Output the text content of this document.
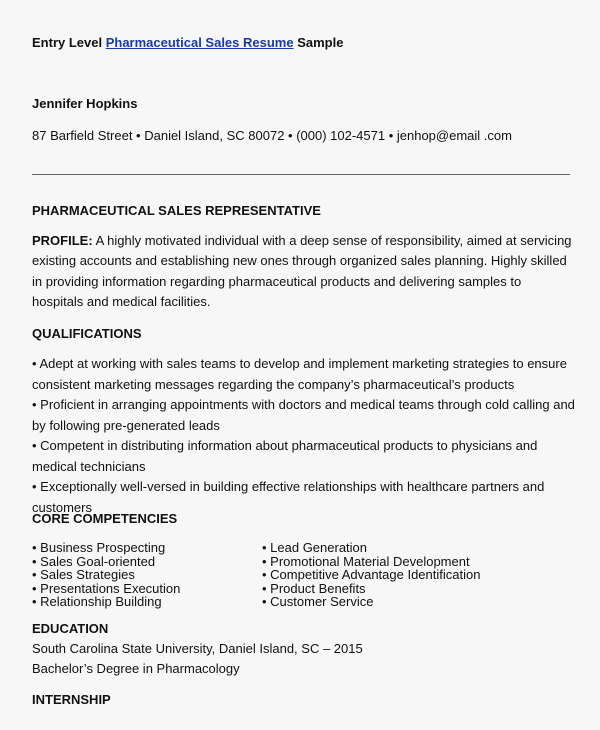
Entry Level Pharmaceutical Sales Resume Sample
Jennifer Hopkins
87 Barfield Street • Daniel Island, SC 80072 • (000) 102-4571 • jenhop@email .com
PHARMACEUTICAL SALES REPRESENTATIVE
PROFILE: A highly motivated individual with a deep sense of responsibility, aimed at servicing existing accounts and establishing new ones through organized sales planning. Highly skilled in providing information regarding pharmaceutical products and delivering samples to hospitals and medical facilities.
QUALIFICATIONS
• Adept at working with sales teams to develop and implement marketing strategies to ensure consistent marketing messages regarding the company’s pharmaceutical’s products
• Proficient in arranging appointments with doctors and medical teams through cold calling and by following pre-generated leads
• Competent in distributing information about pharmaceutical products to physicians and medical technicians
• Exceptionally well-versed in building effective relationships with healthcare partners and customers
CORE COMPETENCIES
• Business Prospecting
• Sales Goal-oriented
• Sales Strategies
• Presentations Execution
• Relationship Building
• Lead Generation
• Promotional Material Development
• Competitive Advantage Identification
• Product Benefits
• Customer Service
EDUCATION
South Carolina State University, Daniel Island, SC – 2015
Bachelor’s Degree in Pharmacology
INTERNSHIP
